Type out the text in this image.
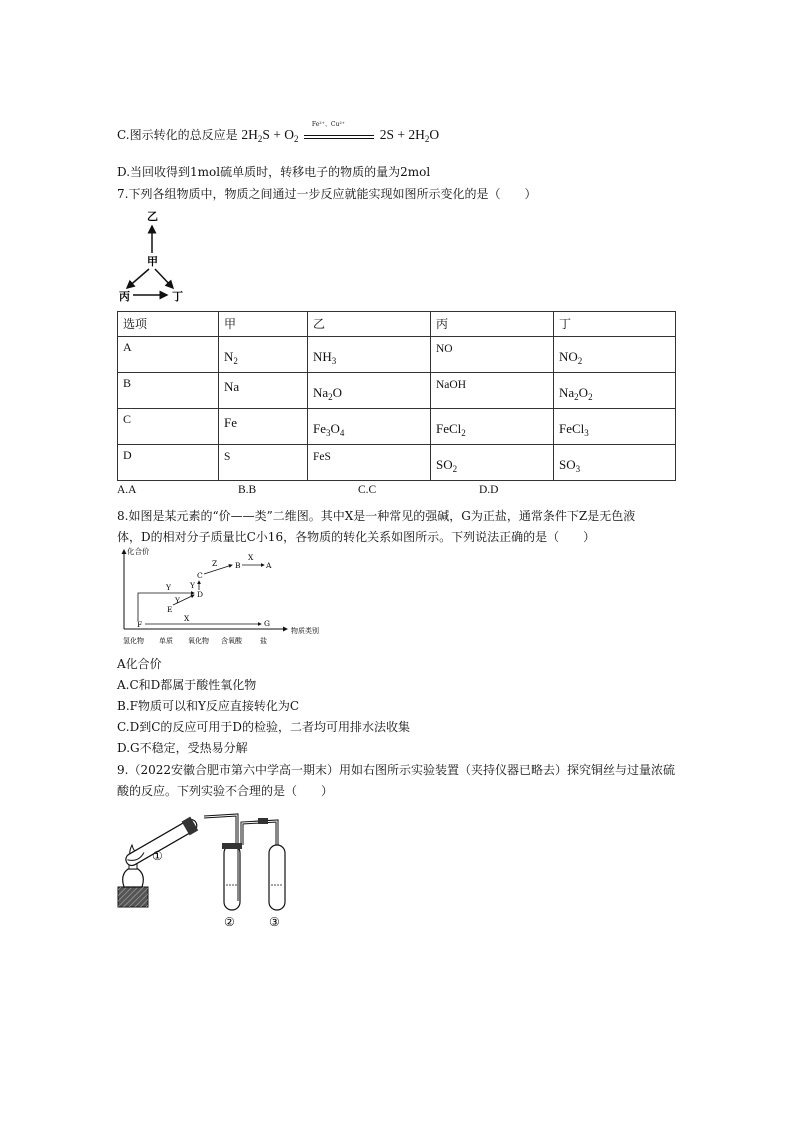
C.图示转化的总反应是 $2H_2S + O_2$
Fe²⁺、Cu²⁺
$2S + 2H_2O$
D.当回收得到1mol硫单质时，转移电子的物质的量为2mol
7.下列各组物质中，物质之间通过一步反应就能实现如图所示变化的是（　　）
乙
甲
丙	丁
选项	甲	乙	丙	丁
A	$N_2$	$NH_3$	NO	$NO_2$
B	Na	$Na_2O$	NaOH	$Na_2O_2$
C	Fe	$Fe_3O_4$	FeCl$_2$	FeCl$_3$
D	S	FeS	$SO_2$	$SO_3$
A.A	B.B	C.C	D.D
8.如图是某元素的“价——类”二维图。其中X是一种常见的强碱，G为正盐，通常条件下Z是无色液
体，D的相对分子质量比C小16，各物质的转化关系如图所示。下列说法正确的是（　　）
化合价
物质类别
氢化物 单质 氧化物 含氧酸	盐
F	G
E
D
C
B	A
X
Y
Y
Y
Z
X
A化合价
A.C和D都属于酸性氧化物
B.F物质可以和Y反应直接转化为C
C.D到C的反应可用于D的检验，二者均可用排水法收集
D.G不稳定，受热易分解
9.（2022安徽合肥市第六中学高一期末）用如右图所示实验装置（夹持仪器已略去）探究铜丝与过量浓硫
酸的反应。下列实验不合理的是（　　）
①
②	③
